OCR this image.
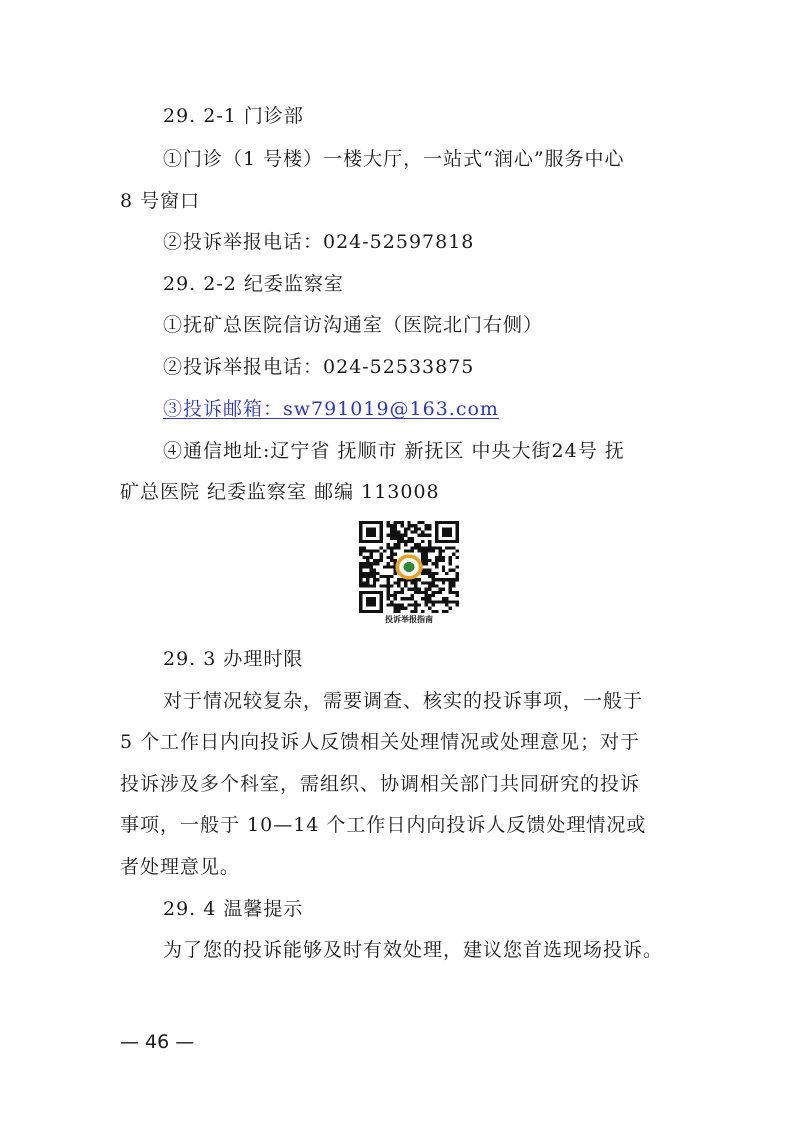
29. 2-1 门诊部
①门诊（1 号楼）一楼大厅，一站式“润心”服务中心
8 号窗口
②投诉举报电话：024-52597818
29. 2-2 纪委监察室
①抚矿总医院信访沟通室（医院北门右侧）
②投诉举报电话：024-52533875
③投诉邮箱：sw791019@163.com
④通信地址:辽宁省 抚顺市 新抚区 中央大街24号 抚
矿总医院 纪委监察室 邮编 113008
投诉举报指南
29. 3 办理时限
对于情况较复杂，需要调查、核实的投诉事项，一般于
5 个工作日内向投诉人反馈相关处理情况或处理意见；对于
投诉涉及多个科室，需组织、协调相关部门共同研究的投诉
事项，一般于 10—14 个工作日内向投诉人反馈处理情况或
者处理意见。
29. 4 温馨提示
为了您的投诉能够及时有效处理，建议您首选现场投诉。
— 46 —
